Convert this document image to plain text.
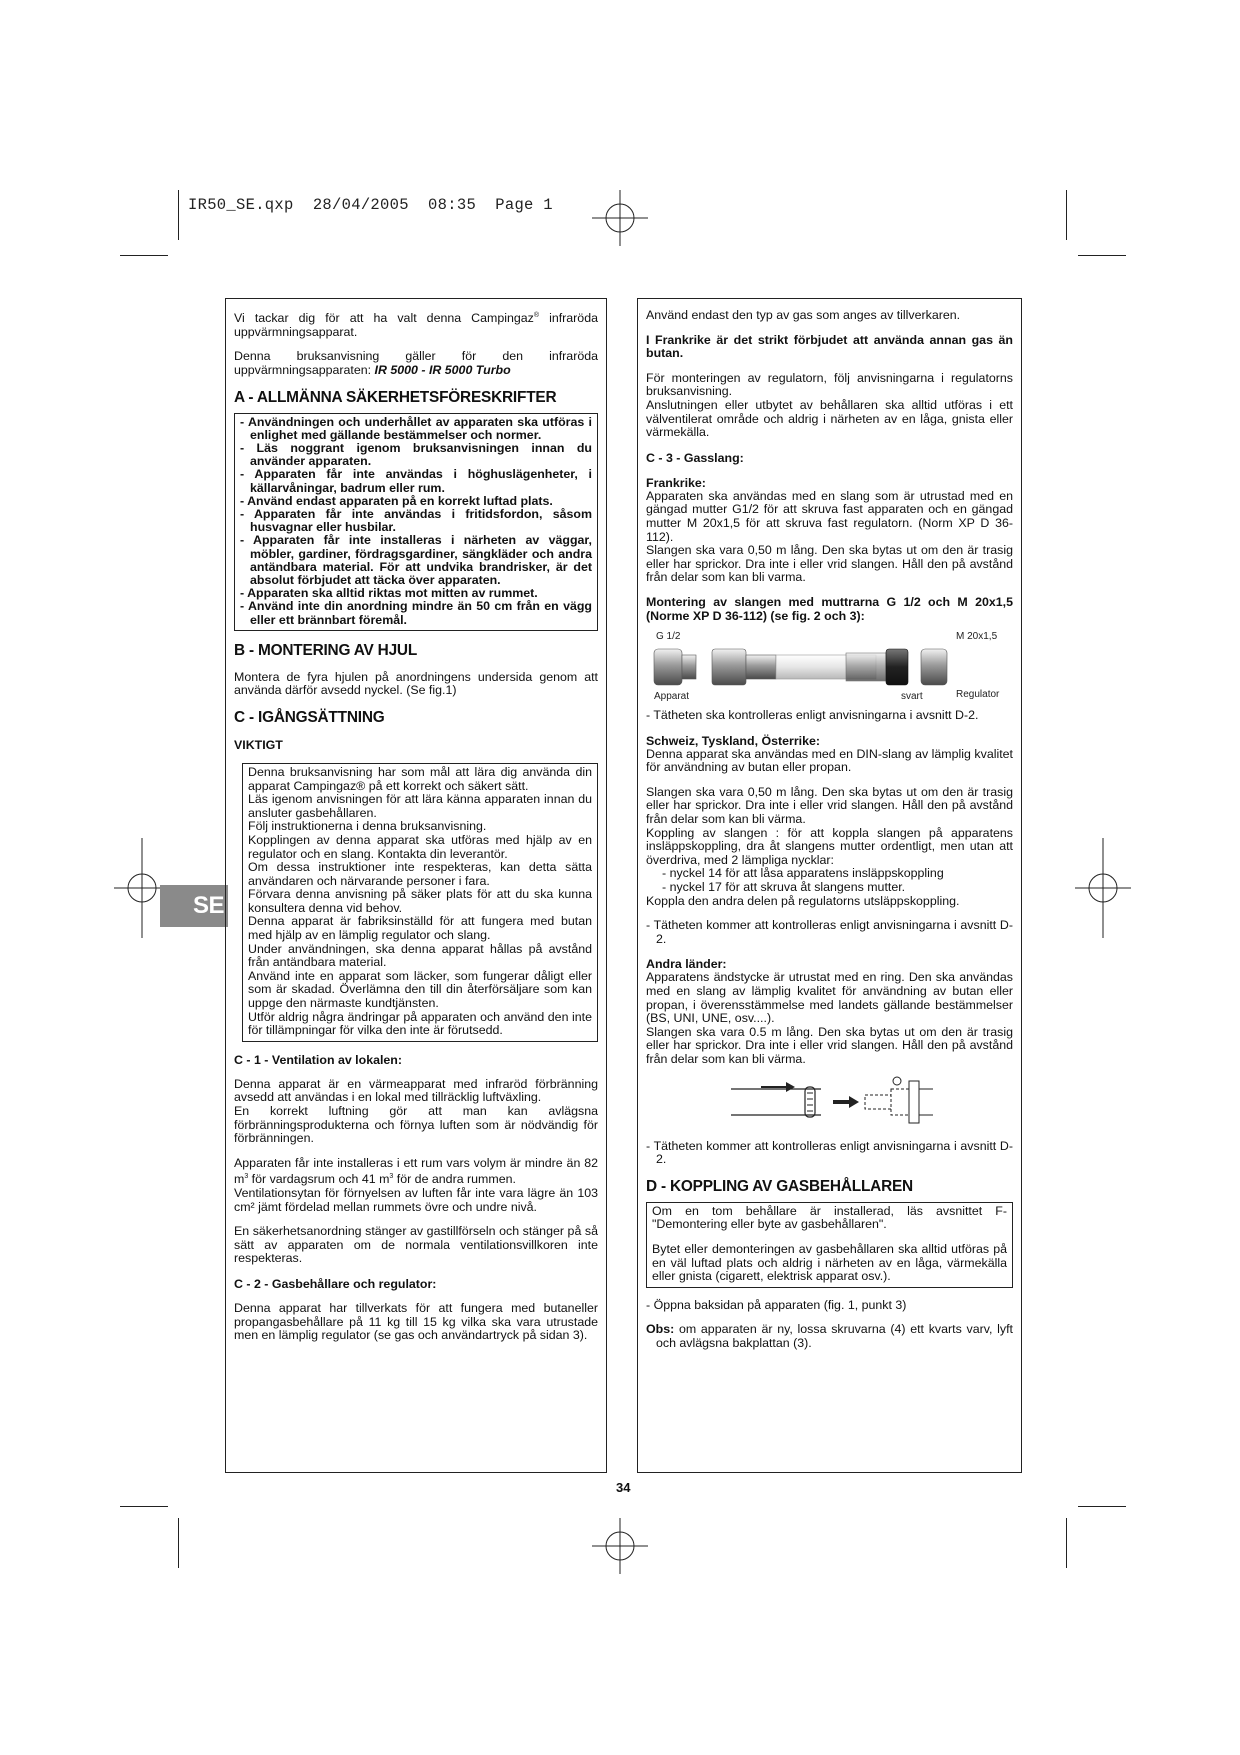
IR50_SE.qxp  28/04/2005  08:35  Page 1
SE

Vi tackar dig för att ha valt denna Campingaz® infraröda uppvärmningsapparat.

Denna bruksanvisning gäller för den infraröda uppvärmningsapparaten: IR 5000 - IR 5000 Turbo

A - ALLMÄNNA SÄKERHETSFÖRESKRIFTER
- Användningen och underhållet av apparaten ska utföras i enlighet med gällande bestämmelser och normer.
- Läs noggrant igenom bruksanvisningen innan du använder apparaten.
- Apparaten får inte användas i höghuslägenheter, i källarvåningar, badrum eller rum.
- Använd endast apparaten på en korrekt luftad plats.
- Apparaten får inte användas i fritidsfordon, såsom husvagnar eller husbilar.
- Apparaten får inte installeras i närheten av väggar, möbler, gardiner, fördragsgardiner, sängkläder och andra antändbara material. För att undvika brandrisker, är det absolut förbjudet att täcka över apparaten.
- Apparaten ska alltid riktas mot mitten av rummet.
- Använd inte din anordning mindre än 50 cm från en vägg eller ett brännbart föremål.
B - MONTERING AV HJUL

Montera de fyra hjulen på anordningens undersida genom att använda därför avsedd nyckel. (Se fig.1)

C - IGÅNGSÄTTNING
VIKTIGT

Denna bruksanvisning har som mål att lära dig använda din apparat Campingaz® på ett korrekt och säkert sätt.

Läs igenom anvisningen för att lära känna apparaten innan du ansluter gasbehållaren.

Följ instruktionerna i denna bruksanvisning.

Kopplingen av denna apparat ska utföras med hjälp av en regulator och en slang. Kontakta din leverantör.

Om dessa instruktioner inte respekteras, kan detta sätta användaren och närvarande personer i fara.

Förvara denna anvisning på säker plats för att du ska kunna konsultera denna vid behov.

Denna apparat är fabriksinställd för att fungera med butan med hjälp av en lämplig regulator och slang.

Under användningen, ska denna apparat hållas på avstånd från antändbara material.

Använd inte en apparat som läcker, som fungerar dåligt eller som är skadad. Överlämna den till din återförsäljare som kan uppge den närmaste kundtjänsten.

Utför aldrig några ändringar på apparaten och använd den inte för tillämpningar för vilka den inte är förutsedd.

C - 1 - Ventilation av lokalen:

Denna apparat är en värmeapparat med infraröd förbränning avsedd att användas i en lokal med tillräcklig luftväxling.

En korrekt luftning gör att man kan avlägsna förbränningsprodukterna och förnya luften som är nödvändig för förbränningen.

Apparaten får inte installeras i ett rum vars volym är mindre än 82 $m^3$ för vardagsrum och 41 $m^3$ för de andra rummen.

Ventilationsytan för förnyelsen av luften får inte vara lägre än 103 cm² jämt fördelad mellan rummets övre och undre nivå.

En säkerhetsanordning stänger av gastillförseln och stänger på så sätt av apparaten om de normala ventilationsvillkoren inte respekteras.

C - 2 - Gasbehållare och regulator:

Denna apparat har tillverkats för att fungera med butaneller propangasbehållare på 11 kg till 15 kg vilka ska vara utrustade men en lämplig regulator (se gas och användartryck på sidan 3).

Använd endast den typ av gas som anges av tillverkaren.

I Frankrike är det strikt förbjudet att använda annan gas än butan.

För monteringen av regulatorn, följ anvisningarna i regulatorns bruksanvisning.

Anslutningen eller utbytet av behållaren ska alltid utföras i ett välventilerat område och aldrig i närheten av en låga, gnista eller värmekälla.

C - 3 - Gasslang:
Frankrike:

Apparaten ska användas med en slang som är utrustad med en gängad mutter G1/2 för att skruva fast apparaten och en gängad mutter M 20x1,5 för att skruva fast regulatorn. (Norm XP D 36-112).

Slangen ska vara 0,50 m lång. Den ska bytas ut om den är trasig eller har sprickor. Dra inte i eller vrid slangen. Håll den på avstånd från delar som kan bli varma.

Montering av slangen med muttrarna G 1/2 och M 20x1,5 (Norme XP D 36-112) (se fig. 2 och 3):

G 1/2	M 20x1,5
Apparat	svart	Regulator

- Tätheten ska kontrolleras enligt anvisningarna i avsnitt D-2.

Schweiz, Tyskland, Österrike:

Denna apparat ska användas med en DIN-slang av lämplig kvalitet för användning av butan eller propan.

Slangen ska vara 0,50 m lång. Den ska bytas ut om den är trasig eller har sprickor. Dra inte i eller vrid slangen. Håll den på avstånd från delar som kan bli värma.

Koppling av slangen : för att koppla slangen på apparatens insläppskoppling, dra åt slangens mutter ordentligt, men utan att överdriva, med 2 lämpliga nycklar:

- nyckel 14 för att låsa apparatens insläppskoppling

- nyckel 17 för att skruva åt slangens mutter.

Koppla den andra delen på regulatorns utsläppskoppling.

- Tätheten kommer att kontrolleras enligt anvisningarna i avsnitt D-2.

Andra länder:

Apparatens ändstycke är utrustat med en ring. Den ska användas med en slang av lämplig kvalitet för användning av butan eller propan, i överensstämmelse med landets gällande bestämmelser (BS, UNI, UNE, osv....).

Slangen ska vara 0.5 m lång. Den ska bytas ut om den är trasig eller har sprickor. Dra inte i eller vrid slangen. Håll den på avstånd från delar som kan bli värma.

- Tätheten kommer att kontrolleras enligt anvisningarna i avsnitt D-2.

D - KOPPLING AV GASBEHÅLLAREN

Om en tom behållare är installerad, läs avsnittet F- "Demontering eller byte av gasbehållaren".

Bytet eller demonteringen av gasbehållaren ska alltid utföras på en väl luftad plats och aldrig i närheten av en låga, värmekälla eller gnista (cigarett, elektrisk apparat osv.).

- Öppna baksidan på apparaten (fig. 1, punkt 3)

Obs: om apparaten är ny, lossa skruvarna (4) ett kvarts varv, lyft och avlägsna bakplattan (3).

34
